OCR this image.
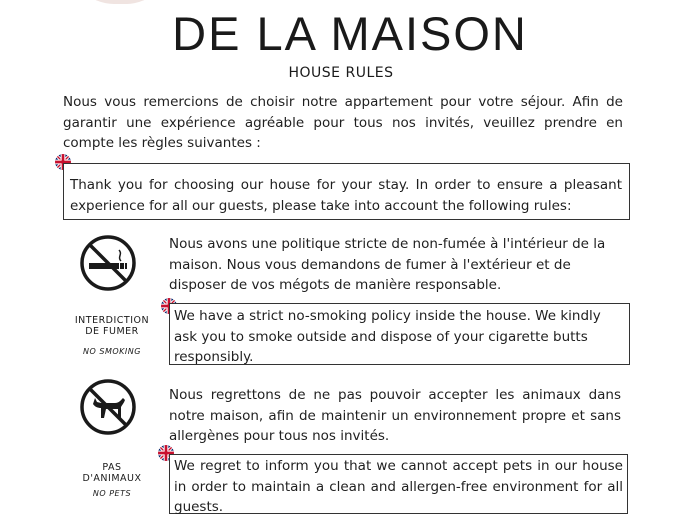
DE LA MAISON
HOUSE RULES
Nous vous remercions de choisir notre appartement pour votre séjour. Afin de garantir une expérience agréable pour tous nos invités, veuillez prendre en compte les règles suivantes :
Thank you for choosing our house for your stay. In order to ensure a pleasant experience for all our guests, please take into account the following rules:
INTERDICTION
DE FUMER
NO SMOKING
Nous avons une politique stricte de non-fumée à l'intérieur de la maison. Nous vous demandons de fumer à l'extérieur et de disposer de vos mégots de manière responsable.
We have a strict no-smoking policy inside the house. We kindly ask you to smoke outside and dispose of your cigarette butts responsibly.
PAS
D'ANIMAUX
NO PETS
Nous regrettons de ne pas pouvoir accepter les animaux dans notre maison, afin de maintenir un environnement propre et sans allergènes pour tous nos invités.
We regret to inform you that we cannot accept pets in our house in order to maintain a clean and allergen-free environment for all guests.
